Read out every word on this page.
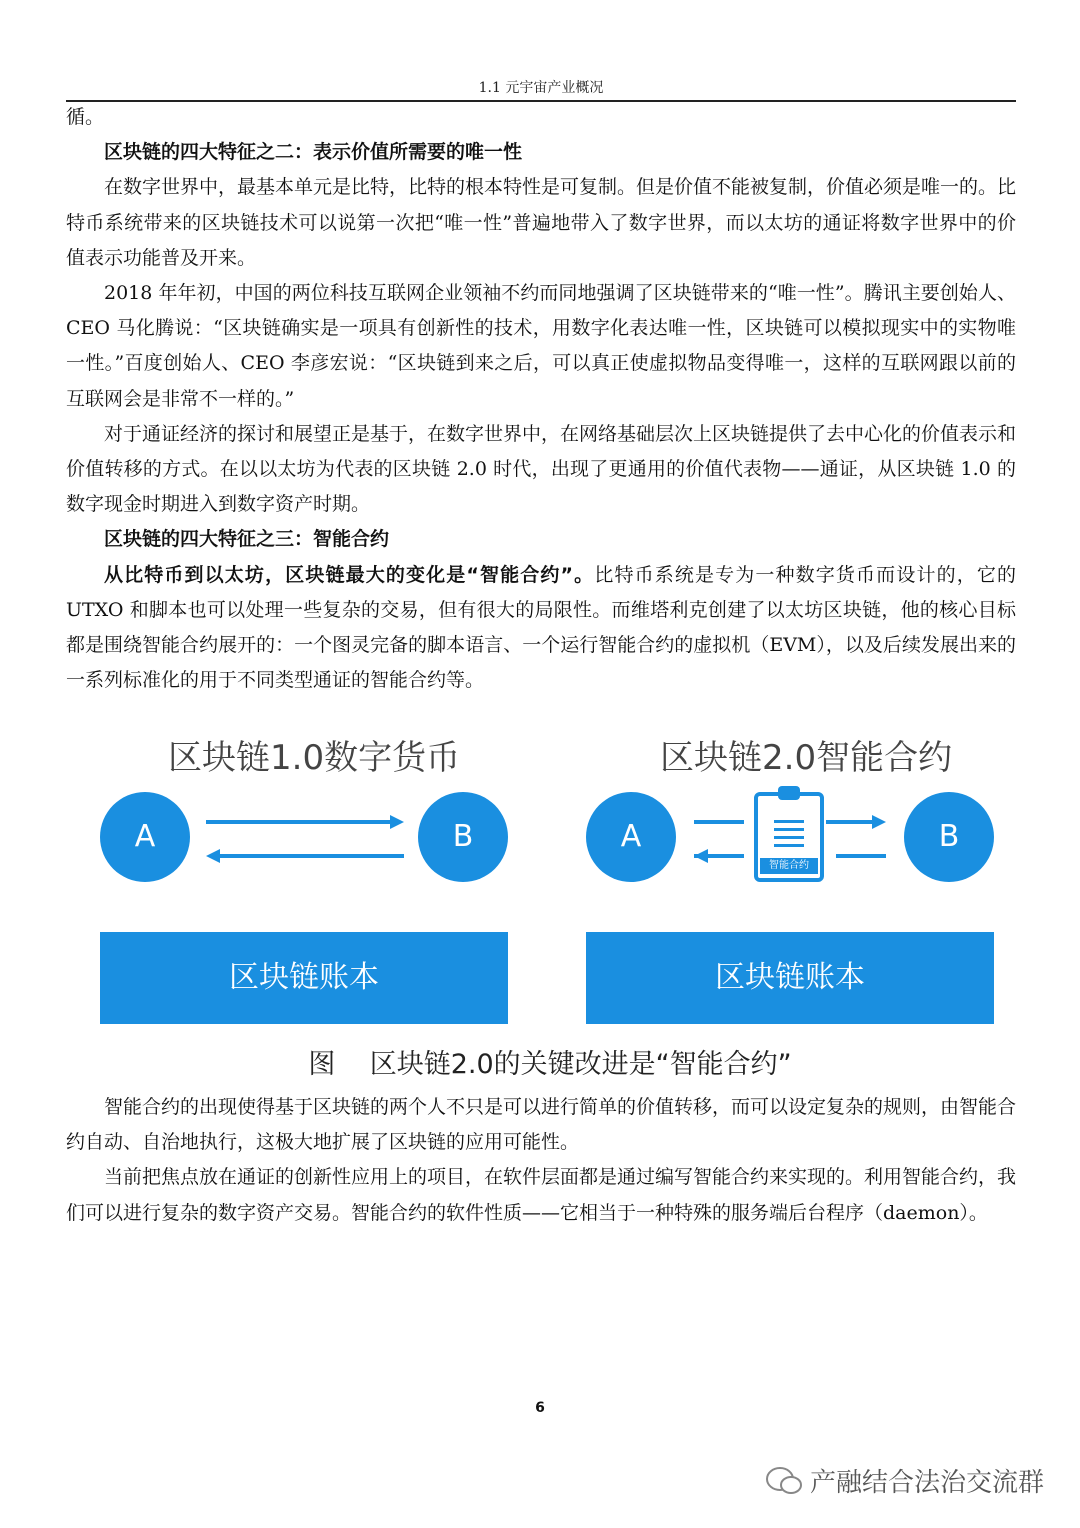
1.1 元宇宙产业概况

循。

区块链的四大特征之二：表示价值所需要的唯一性

在数字世界中，最基本单元是比特，比特的根本特性是可复制。但是价值不能被复制，价值必须是唯一的。比特币系统带来的区块链技术可以说第一次把“唯一性”普遍地带入了数字世界，而以太坊的通证将数字世界中的价值表示功能普及开来。

2018 年年初，中国的两位科技互联网企业领袖不约而同地强调了区块链带来的“唯一性”。腾讯主要创始人、CEO 马化腾说：“区块链确实是一项具有创新性的技术，用数字化表达唯一性，区块链可以模拟现实中的实物唯一性。”百度创始人、CEO 李彦宏说：“区块链到来之后，可以真正使虚拟物品变得唯一，这样的互联网跟以前的互联网会是非常不一样的。”

对于通证经济的探讨和展望正是基于，在数字世界中，在网络基础层次上区块链提供了去中心化的价值表示和价值转移的方式。在以以太坊为代表的区块链 2.0 时代，出现了更通用的价值代表物——通证，从区块链 1.0 的数字现金时期进入到数字资产时期。

区块链的四大特征之三：智能合约

从比特币到以太坊，区块链最大的变化是“智能合约”。比特币系统是专为一种数字货币而设计的，它的 UTXO 和脚本也可以处理一些复杂的交易，但有很大的局限性。而维塔利克创建了以太坊区块链，他的核心目标都是围绕智能合约展开的：一个图灵完备的脚本语言、一个运行智能合约的虚拟机（EVM），以及后续发展出来的一系列标准化的用于不同类型通证的智能合约等。

区块链1.0数字货币	区块链2.0智能合约
A	B	A	B
智能合约
区块链账本	区块链账本
图    区块链2.0的关键改进是“智能合约”

智能合约的出现使得基于区块链的两个人不只是可以进行简单的价值转移，而可以设定复杂的规则，由智能合约自动、自治地执行，这极大地扩展了区块链的应用可能性。

当前把焦点放在通证的创新性应用上的项目，在软件层面都是通过编写智能合约来实现的。利用智能合约，我们可以进行复杂的数字资产交易。智能合约的软件性质——它相当于一种特殊的服务端后台程序（daemon）。

6
产融结合法治交流群
